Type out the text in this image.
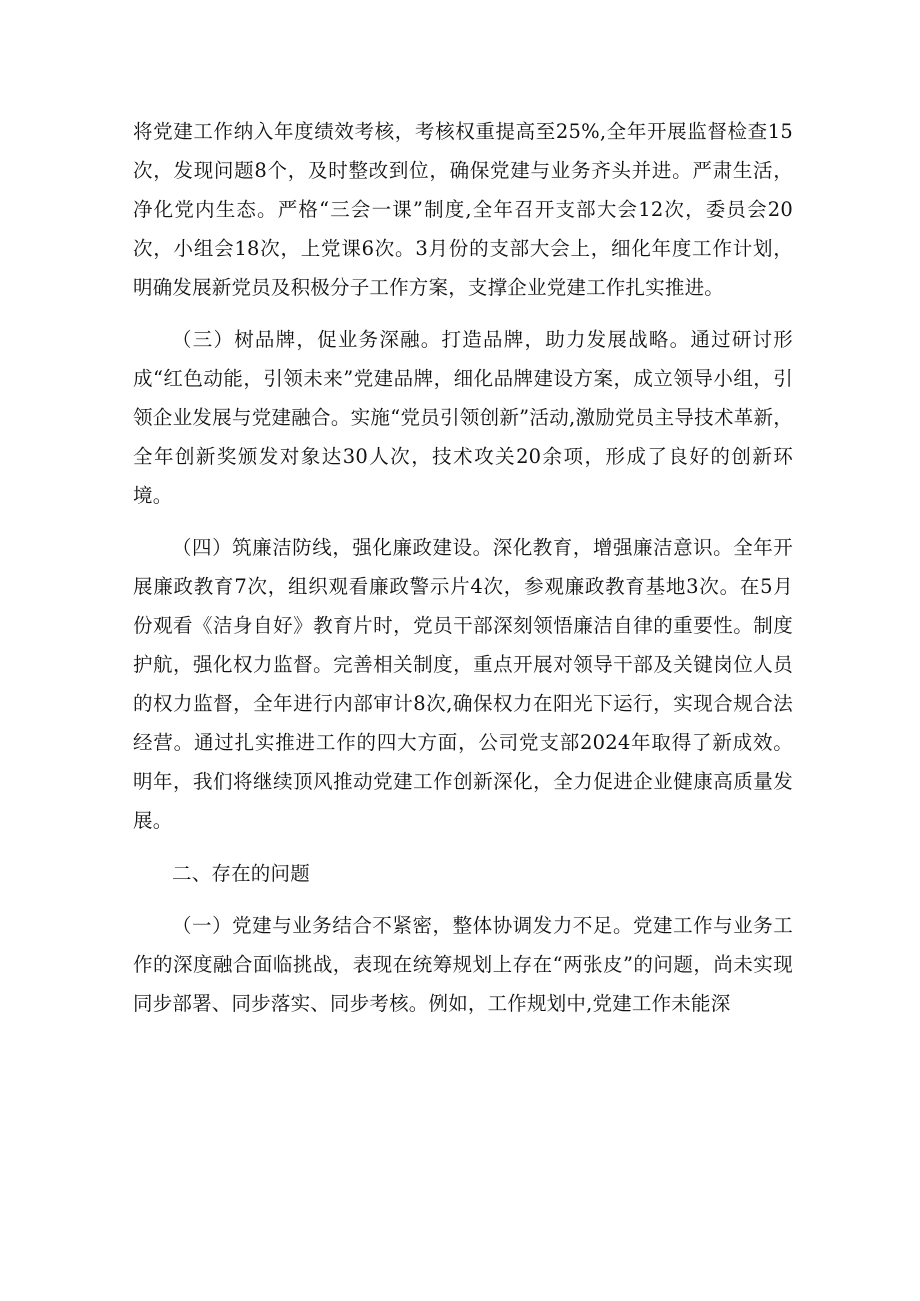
将党建工作纳入年度绩效考核，考核权重提高至25%,全年开展监督检查15次，发现问题8个，及时整改到位，确保党建与业务齐头并进。严肃生活，净化党内生态。严格“三会一课”制度,全年召开支部大会12次，委员会20次，小组会18次，上党课6次。3月份的支部大会上，细化年度工作计划，明确发展新党员及积极分子工作方案，支撑企业党建工作扎实推进。

（三）树品牌，促业务深融。打造品牌，助力发展战略。通过研讨形成“红色动能，引领未来”党建品牌，细化品牌建设方案，成立领导小组，引领企业发展与党建融合。实施“党员引领创新”活动,激励党员主导技术革新，全年创新奖颁发对象达30人次，技术攻关20余项，形成了良好的创新环境。

（四）筑廉洁防线，强化廉政建设。深化教育，增强廉洁意识。全年开展廉政教育7次，组织观看廉政警示片4次，参观廉政教育基地3次。在5月份观看《洁身自好》教育片时，党员干部深刻领悟廉洁自律的重要性。制度护航，强化权力监督。完善相关制度，重点开展对领导干部及关键岗位人员的权力监督，全年进行内部审计8次,确保权力在阳光下运行，实现合规合法经营。通过扎实推进工作的四大方面，公司党支部2024年取得了新成效。明年，我们将继续顶风推动党建工作创新深化，全力促进企业健康高质量发展。

二、存在的问题

（一）党建与业务结合不紧密，整体协调发力不足。党建工作与业务工作的深度融合面临挑战，表现在统筹规划上存在“两张皮”的问题，尚未实现同步部署、同步落实、同步考核。例如，工作规划中,党建工作未能深
